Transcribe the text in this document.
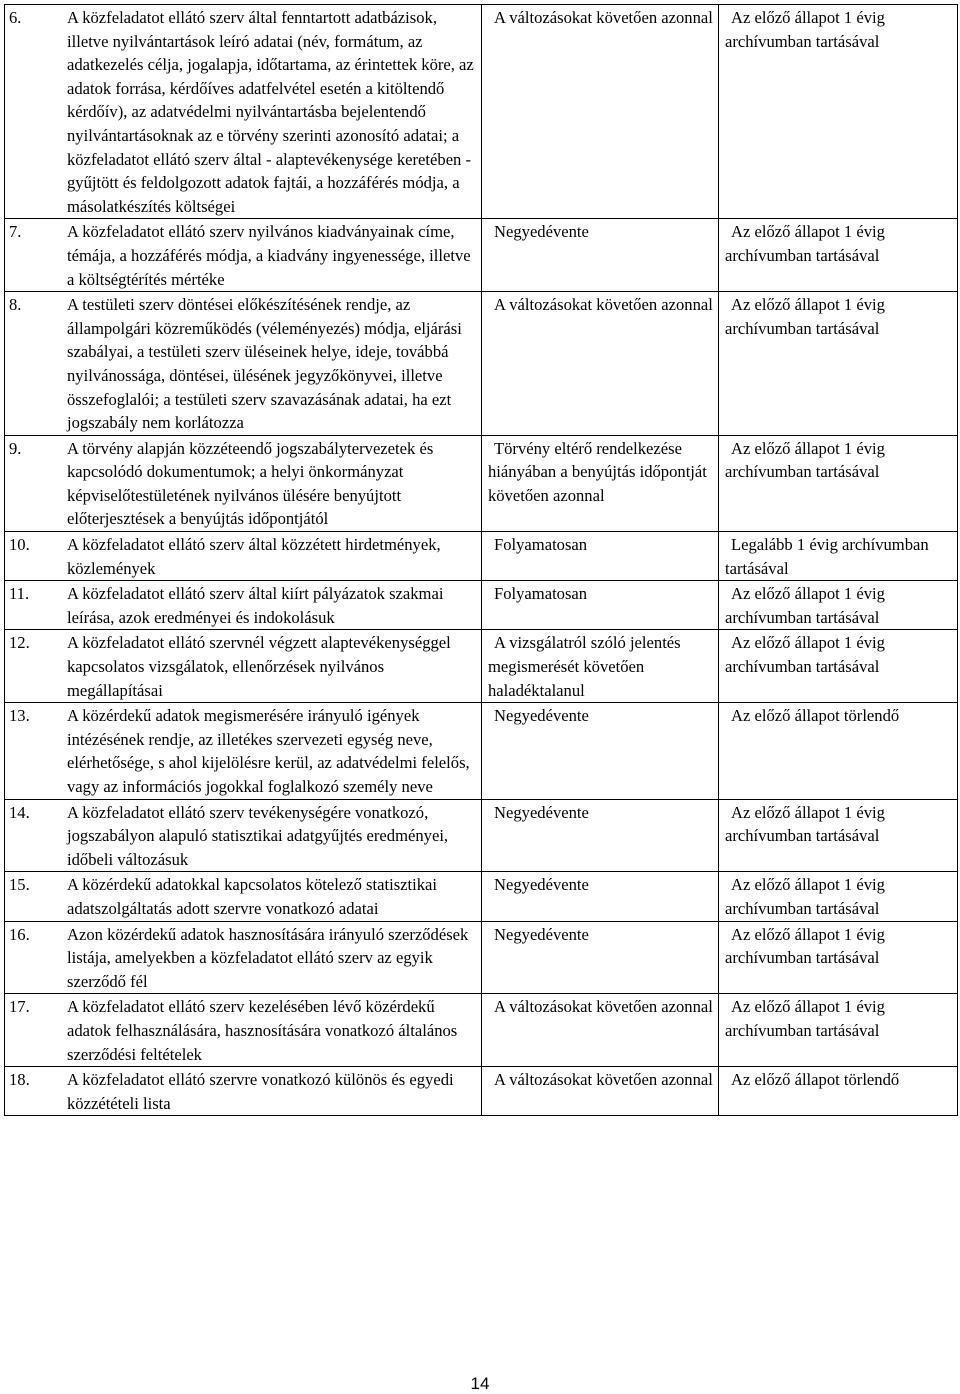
6. A közfeladatot ellátó szerv által fenntartott adatbázisok, illetve nyilvántartások leíró adatai (név, formátum, az adatkezelés célja, jogalapja, időtartama, az érintettek köre, az adatok forrása, kérdőíves adatfelvétel esetén a kitöltendő kérdőív), az adatvédelmi nyilvántartásba bejelentendő nyilvántartásoknak az e törvény szerinti azonosító adatai; a közfeladatot ellátó szerv által - alaptevékenysége keretében - gyűjtött és feldolgozott adatok fajtái, a hozzáférés módja, a másolatkészítés költségei	A változásokat követően azonnal	Az előző állapot 1 évig archívumban tartásával
7. A közfeladatot ellátó szerv nyilvános kiadványainak címe, témája, a hozzáférés módja, a kiadvány ingyenessége, illetve a költségtérítés mértéke	Negyedévente	Az előző állapot 1 évig archívumban tartásával
8. A testületi szerv döntései előkészítésének rendje, az állampolgári közreműködés (véleményezés) módja, eljárási szabályai, a testületi szerv üléseinek helye, ideje, továbbá nyilvánossága, döntései, ülésének jegyzőkönyvei, illetve összefoglalói; a testületi szerv szavazásának adatai, ha ezt jogszabály nem korlátozza	A változásokat követően azonnal	Az előző állapot 1 évig archívumban tartásával
9. A törvény alapján közzéteendő jogszabálytervezetek és kapcsolódó dokumentumok; a helyi önkormányzat képviselőtestületének nyilvános ülésére benyújtott előterjesztések a benyújtás időpontjától	Törvény eltérő rendelkezése hiányában a benyújtás időpontját követően azonnal	Az előző állapot 1 évig archívumban tartásával
10. A közfeladatot ellátó szerv által közzétett hirdetmények, közlemények	Folyamatosan	Legalább 1 évig archívumban tartásával
11. A közfeladatot ellátó szerv által kiírt pályázatok szakmai leírása, azok eredményei és indokolásuk	Folyamatosan	Az előző állapot 1 évig archívumban tartásával
12. A közfeladatot ellátó szervnél végzett alaptevékenységgel kapcsolatos vizsgálatok, ellenőrzések nyilvános megállapításai	A vizsgálatról szóló jelentés megismerését követően haladéktalanul	Az előző állapot 1 évig archívumban tartásával
13. A közérdekű adatok megismerésére irányuló igények intézésének rendje, az illetékes szervezeti egység neve, elérhetősége, s ahol kijelölésre kerül, az adatvédelmi felelős, vagy az információs jogokkal foglalkozó személy neve	Negyedévente	Az előző állapot törlendő
14. A közfeladatot ellátó szerv tevékenységére vonatkozó, jogszabályon alapuló statisztikai adatgyűjtés eredményei, időbeli változásuk	Negyedévente	Az előző állapot 1 évig archívumban tartásával
15. A közérdekű adatokkal kapcsolatos kötelező statisztikai adatszolgáltatás adott szervre vonatkozó adatai	Negyedévente	Az előző állapot 1 évig archívumban tartásával
16. Azon közérdekű adatok hasznosítására irányuló szerződések listája, amelyekben a közfeladatot ellátó szerv az egyik szerződő fél	Negyedévente	Az előző állapot 1 évig archívumban tartásával
17. A közfeladatot ellátó szerv kezelésében lévő közérdekű adatok felhasználására, hasznosítására vonatkozó általános szerződési feltételek	A változásokat követően azonnal	Az előző állapot 1 évig archívumban tartásával
18. A közfeladatot ellátó szervre vonatkozó különös és egyedi közzétételi lista	A változásokat követően azonnal	Az előző állapot törlendő
14
